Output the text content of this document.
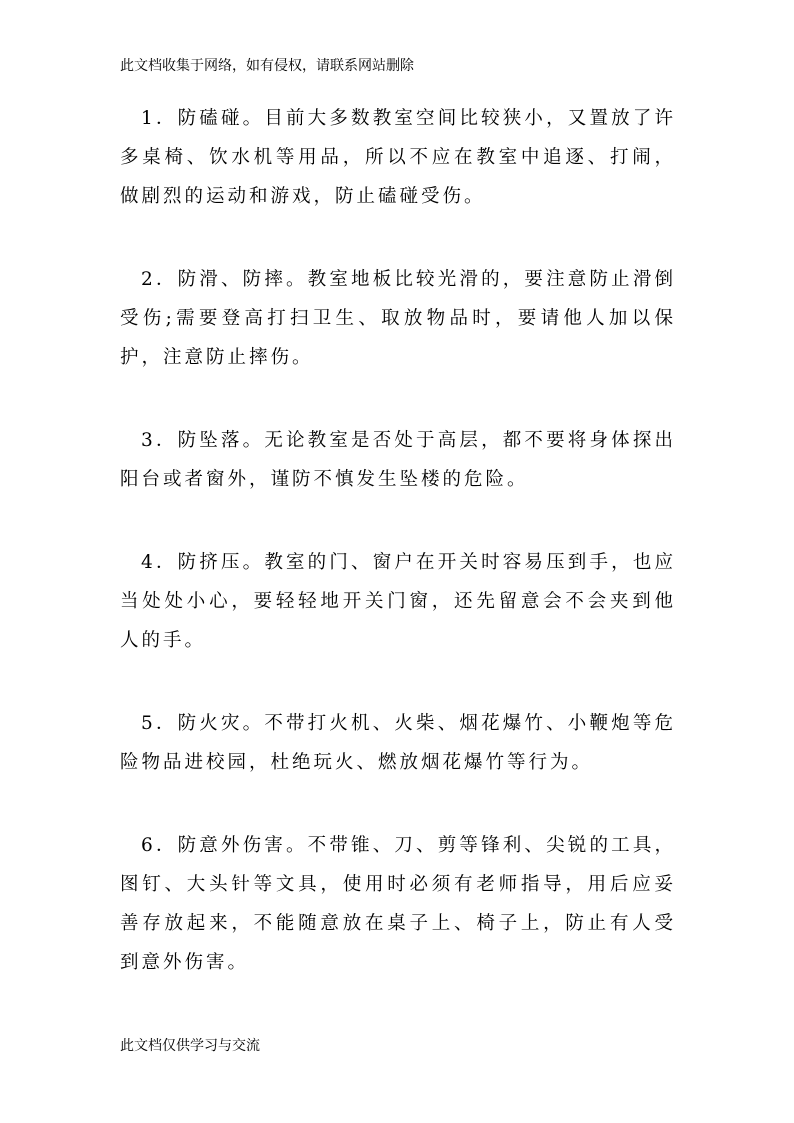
此文档收集于网络，如有侵权，请联系网站删除

1．防磕碰。目前大多数教室空间比较狭小，又置放了许多桌椅、饮水机等用品，所以不应在教室中追逐、打闹，做剧烈的运动和游戏，防止磕碰受伤。

2．防滑、防摔。教室地板比较光滑的，要注意防止滑倒受伤;需要登高打扫卫生、取放物品时，要请他人加以保护，注意防止摔伤。

3．防坠落。无论教室是否处于高层，都不要将身体探出阳台或者窗外，谨防不慎发生坠楼的危险。

4．防挤压。教室的门、窗户在开关时容易压到手，也应当处处小心，要轻轻地开关门窗，还先留意会不会夹到他人的手。

5．防火灾。不带打火机、火柴、烟花爆竹、小鞭炮等危险物品进校园，杜绝玩火、燃放烟花爆竹等行为。

6．防意外伤害。不带锥、刀、剪等锋利、尖锐的工具，图钉、大头针等文具，使用时必须有老师指导，用后应妥善存放起来，不能随意放在桌子上、椅子上，防止有人受到意外伤害。

此文档仅供学习与交流
